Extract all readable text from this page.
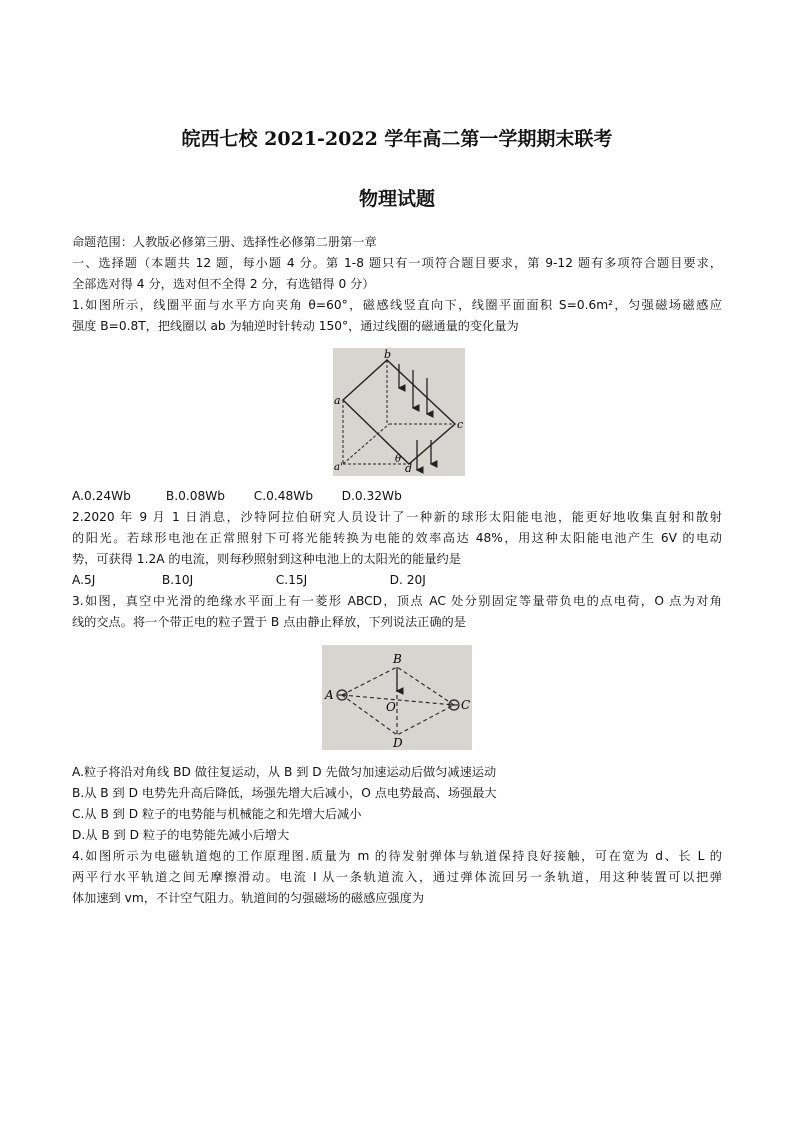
皖西七校 2021-2022 学年高二第一学期期末联考
物理试题
命题范围：人教版必修第三册、选择性必修第二册第一章
一、选择题（本题共 12 题，每小题 4 分。第 1-8 题只有一项符合题目要求，第 9-12 题有多项符合题目要求，
全部选对得 4 分，选对但不全得 2 分，有选错得 0 分）
1.如图所示，线圈平面与水平方向夹角 θ=60°，磁感线竖直向下，线圈平面面积 S=0.6m²，匀强磁场磁感应
强度 B=0.8T，把线圈以 ab 为轴逆时针转动 150°，通过线圈的磁通量的变化量为
a
b
c
d
a'
θ
A.0.24Wb	B.0.08Wb C.0.48Wb D.0.32Wb
2.2020 年 9 月 1 日消息，沙特阿拉伯研究人员设计了一种新的球形太阳能电池，能更好地收集直射和散射
的阳光。若球形电池在正常照射下可将光能转换为电能的效率高达 48%，用这种太阳能电池产生 6V 的电动
势，可获得 1.2A 的电流，则每秒照射到这种电池上的太阳光的能量约是
A.5J	B.10J	C.15J	D. 20J
3.如图，真空中光滑的绝缘水平面上有一菱形 ABCD，顶点 AC 处分别固定等量带负电的点电荷，O 点为对角
线的交点。将一个带正电的粒子置于 B 点由静止释放，下列说法正确的是
A
B
C
D
O
A.粒子将沿对角线 BD 做往复运动，从 B 到 D 先做匀加速运动后做匀减速运动
B.从 B 到 D 电势先升高后降低，场强先增大后减小，O 点电势最高、场强最大
C.从 B 到 D 粒子的电势能与机械能之和先增大后减小
D.从 B 到 D 粒子的电势能先减小后增大
4.如图所示为电磁轨道炮的工作原理图.质量为 m 的待发射弹体与轨道保持良好接触，可在宽为 d、长 L 的
两平行水平轨道之间无摩擦滑动。电流 I 从一条轨道流入，通过弹体流回另一条轨道，用这种装置可以把弹
体加速到 vm，不计空气阻力。轨道间的匀强磁场的磁感应强度为
